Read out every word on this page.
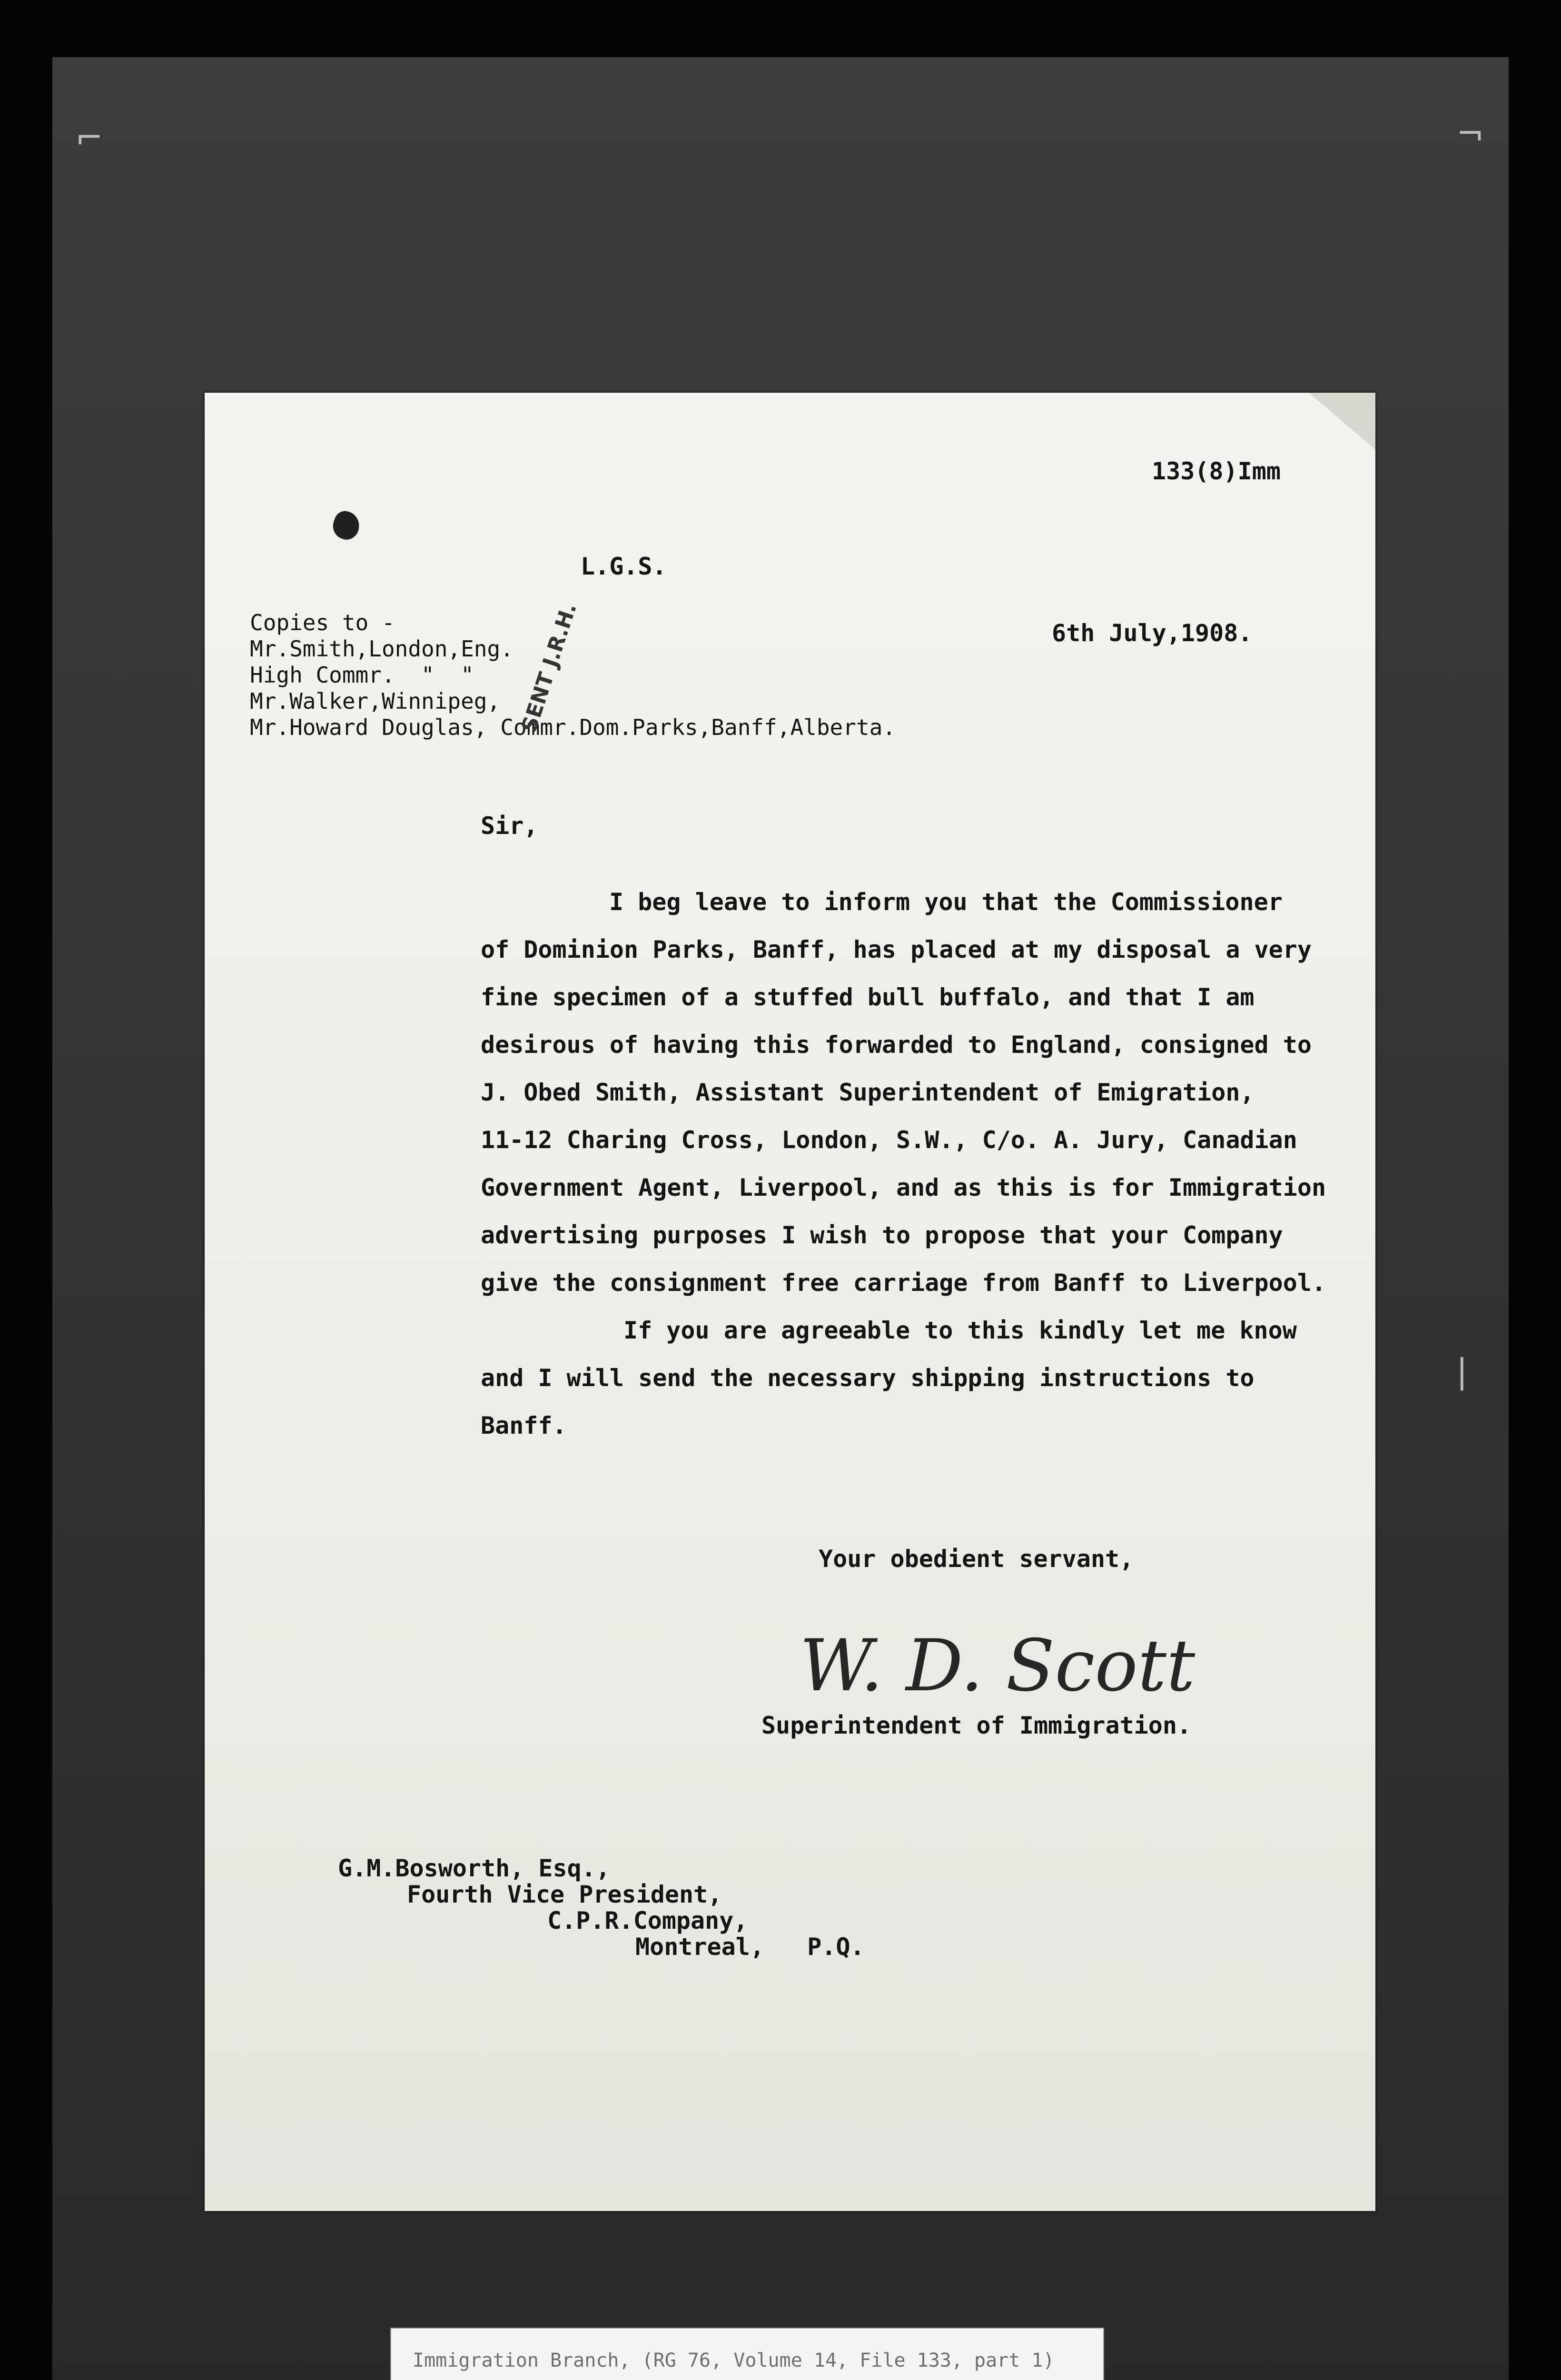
⌐	¬
|
133(8)Imm
L.G.S.
6th July,1908.
Copies to -
Mr.Smith,London,Eng.
High Commr.  "  "
Mr.Walker,Winnipeg,
Mr.Howard Douglas, Commr.Dom.Parks,Banff,Alberta.
SENT J.R.H.
Sir,
I beg leave to inform you that the Commissioner
of Dominion Parks, Banff, has placed at my disposal a very
fine specimen of a stuffed bull buffalo, and that I am
desirous of having this forwarded to England, consigned to
J. Obed Smith, Assistant Superintendent of Emigration,
11-12 Charing Cross, London, S.W., C/o. A. Jury, Canadian
Government Agent, Liverpool, and as this is for Immigration
advertising purposes I wish to propose that your Company
give the consignment free carriage from Banff to Liverpool.
If you are agreeable to this kindly let me know
and I will send the necessary shipping instructions to
Banff.
Your obedient servant,
W. D. Scott
Superintendent of Immigration.
G.M.Bosworth, Esq.,
Fourth Vice President,
C.P.R.Company,
Montreal,   P.Q.
Immigration Branch, (RG 76, Volume 14, File 133, part 1)
